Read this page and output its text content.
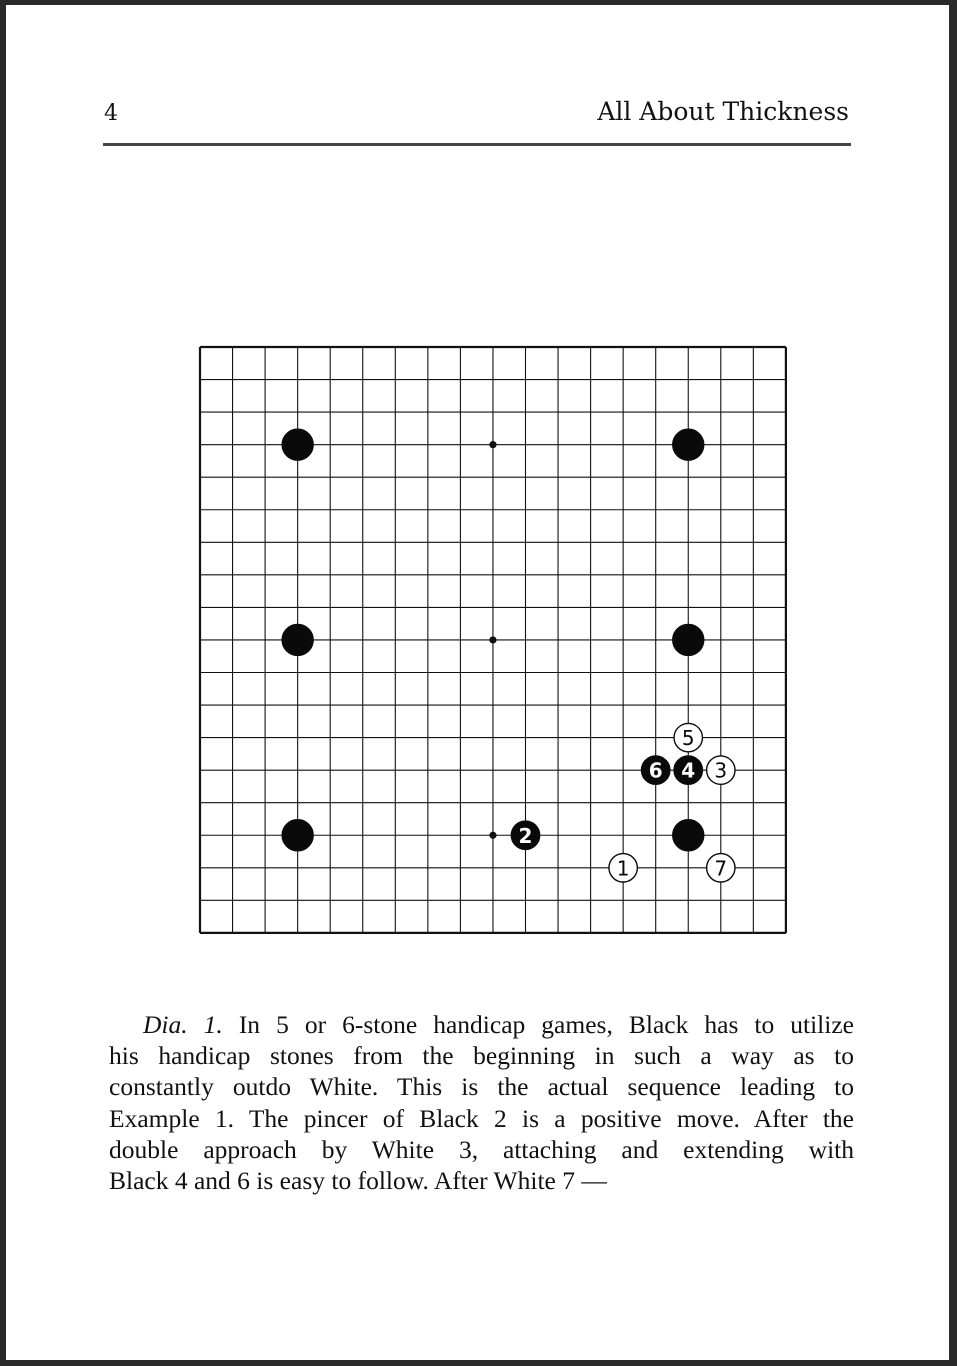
4	All About Thickness
1
2
3
4
5
6
7
Dia. 1. In 5 or 6-stone handicap games, Black has to utilize
his handicap stones from the beginning in such a way as to
constantly outdo White. This is the actual sequence leading to
Example 1. The pincer of Black 2 is a positive move. After the
double approach by White 3, attaching and extending with
Black 4 and 6 is easy to follow. After White 7 —
